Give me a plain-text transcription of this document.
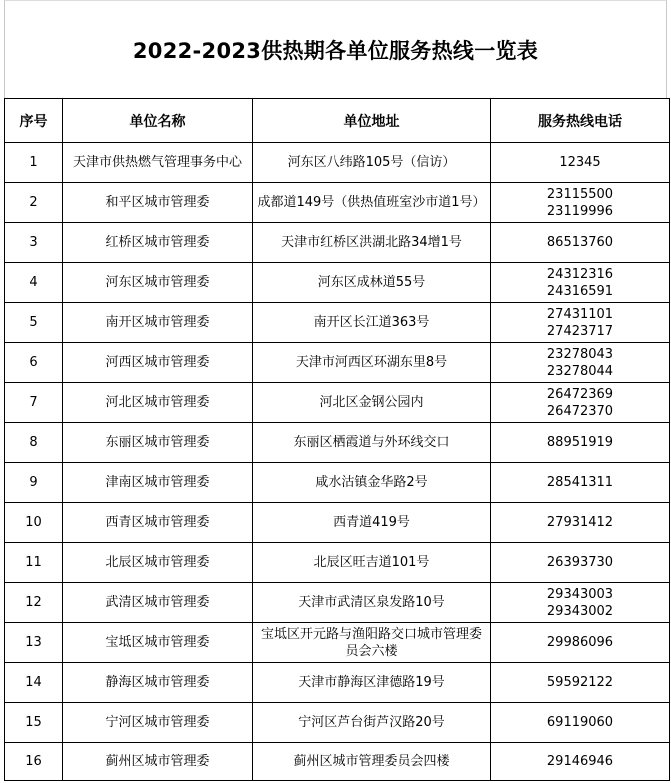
2022-2023供热期各单位服务热线一览表
序号	单位名称	单位地址	服务热线电话
1	天津市供热燃气管理事务中心	河东区八纬路105号（信访）	12345

2	和平区城市管理委	成都道149号（供热值班室沙市道1号）	23115500
23119996

3	红桥区城市管理委	天津市红桥区洪湖北路34增1号	86513760

4	河东区城市管理委	河东区成林道55号	24312316
24316591

5	南开区城市管理委	南开区长江道363号	27431101
27423717

6	河西区城市管理委	天津市河西区环湖东里8号	23278043
23278044

7	河北区城市管理委	河北区金钢公园内	26472369
26472370

8	东丽区城市管理委	东丽区栖霞道与外环线交口	88951919

9	津南区城市管理委	咸水沽镇金华路2号	28541311

10	西青区城市管理委	西青道419号	27931412

11	北辰区城市管理委	北辰区旺吉道101号	26393730

12	武清区城市管理委	天津市武清区泉发路10号	29343003
29343002

13	宝坻区城市管理委	宝坻区开元路与渔阳路交口城市管理委员会六楼	29986096

14	静海区城市管理委	天津市静海区津德路19号	59592122

15	宁河区城市管理委	宁河区芦台街芦汉路20号	69119060

16	蓟州区城市管理委	蓟州区城市管理委员会四楼	29146946
